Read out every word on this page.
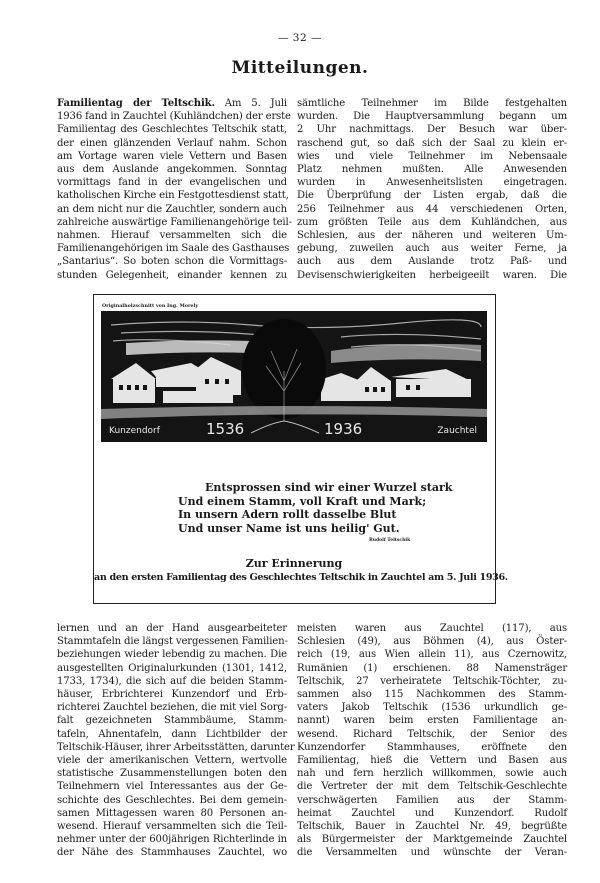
— 32 —
Mitteilungen.
Familientag der Teltschik. Am 5. Juli
1936 fand in Zauchtel (Kuhländchen) der erste
Familientag des Geschlechtes Teltschik statt,
der einen glänzenden Verlauf nahm. Schon
am Vortage waren viele Vettern und Basen
aus dem Auslande angekommen. Sonntag
vormittags fand in der evangelischen und
katholischen Kirche ein Festgottesdienst statt,
an dem nicht nur die Zauchtler, sondern auch
zahlreiche auswärtige Familienangehörige teil-
nahmen. Hierauf versammelten sich die
Familienangehörigen im Saale des Gasthauses
„Santarius“. So boten schon die Vormittags-
stunden Gelegenheit, einander kennen zu
sämtliche Teilnehmer im Bilde festgehalten
wurden. Die Hauptversammlung begann um
2 Uhr nachmittags. Der Besuch war über-
raschend gut, so daß sich der Saal zu klein er-
wies und viele Teilnehmer im Nebensaale
Platz nehmen mußten. Alle Anwesenden
wurden in Anwesenheitslisten eingetragen.
Die Überprüfung der Listen ergab, daß die
256 Teilnehmer aus 44 verschiedenen Orten,
zum größten Teile aus dem Kuhländchen, aus
Schlesien, aus der näheren und weiteren Um-
gebung, zuweilen auch aus weiter Ferne, ja
auch aus dem Auslande trotz Paß- und
Devisenschwierigkeiten herbeigeeilt waren. Die
Originalholzschnitt von Ing. Morely
Kunzendorf	1536	1936	Zauchtel
Entsprossen sind wir einer Wurzel stark
Und einem Stamm, voll Kraft und Mark;
In unsern Adern rollt dasselbe Blut
Und unser Name ist uns heilig' Gut.
Rudolf Teltschik
Zur Erinnerung
an den ersten Familientag des Geschlechtes Teltschik in Zauchtel am 5. Juli 1936.
lernen und an der Hand ausgearbeiteter
Stammtafeln die längst vergessenen Familien-
beziehungen wieder lebendig zu machen. Die
ausgestellten Originalurkunden (1301, 1412,
1733, 1734), die sich auf die beiden Stamm-
häuser, Erbrichterei Kunzendorf und Erb-
richterei Zauchtel beziehen, die mit viel Sorg-
falt gezeichneten Stammbäume, Stamm-
tafeln, Ahnentafeln, dann Lichtbilder der
Teltschik-Häuser, ihrer Arbeitsstätten, darunter
viele der amerikanischen Vettern, wertvolle
statistische Zusammenstellungen boten den
Teilnehmern viel Interessantes aus der Ge-
schichte des Geschlechtes. Bei dem gemein-
samen Mittagessen waren 80 Personen an-
wesend. Hierauf versammelten sich die Teil-
nehmer unter der 600jährigen Richterlinde in
der Nähe des Stammhauses Zauchtel, wo
meisten waren aus Zauchtel (117), aus
Schlesien (49), aus Böhmen (4), aus Öster-
reich (19, aus Wien allein 11), aus Czernowitz,
Rumänien (1) erschienen. 88 Namensträger
Teltschik, 27 verheiratete Teltschik-Töchter, zu-
sammen also 115 Nachkommen des Stamm-
vaters Jakob Teltschik (1536 urkundlich ge-
nannt) waren beim ersten Familientage an-
wesend. Richard Teltschik, der Senior des
Kunzendorfer Stammhauses, eröffnete den
Familientag, hieß die Vettern und Basen aus
nah und fern herzlich willkommen, sowie auch
die Vertreter der mit dem Teltschik-Geschlechte
verschwägerten Familien aus der Stamm-
heimat Zauchtel und Kunzendorf. Rudolf
Teltschik, Bauer in Zauchtel Nr. 49, begrüßte
als Bürgermeister der Marktgemeinde Zauchtel
die Versammelten und wünschte der Veran-
